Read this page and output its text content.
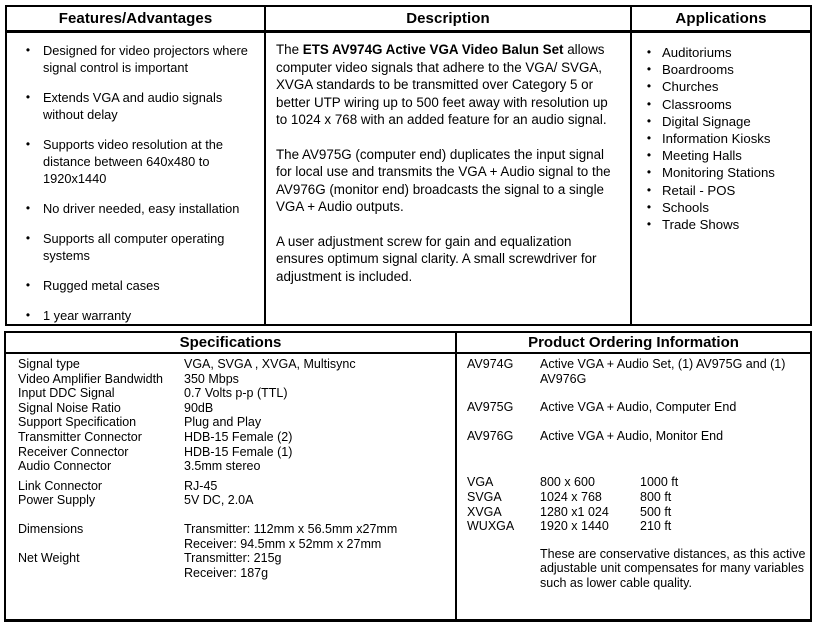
Features/Advantages
•	Designed for video projectors where signal control is important
•	Extends VGA and audio signals without delay
•	Supports video resolution at the distance between 640x480 to 1920x1440
•	No driver needed, easy installation
•	Supports all computer operating systems
•	Rugged metal cases
•	1 year warranty
Description

The ETS AV974G Active VGA Video Balun Set allows computer video signals that adhere to the VGA/ SVGA, XVGA standards to be transmitted over Category 5 or better UTP wiring up to 500 feet away with resolution up to 1024 x 768 with an added feature for an audio signal.

The AV975G (computer end) duplicates the input signal for local use and transmits the VGA + Audio signal to the AV976G (monitor end) broadcasts the signal to a single VGA + Audio outputs.

A user adjustment screw for gain and equalization ensures optimum signal clarity. A small screwdriver for adjustment is included.

Applications
• Auditoriums
• Boardrooms
• Churches
• Classrooms
• Digital Signage
• Information Kiosks
• Meeting Halls
• Monitoring Stations
• Retail - POS
• Schools
• Trade Shows
Specifications
Signal type	VGA, SVGA , XVGA, Multisync
Video Amplifier Bandwidth	350 Mbps
Input DDC Signal	0.7 Volts p-p (TTL)
Signal Noise Ratio	90dB
Support Specification	Plug and Play
Transmitter Connector	HDB-15 Female (2)
Receiver Connector	HDB-15 Female (1)
Audio Connector	3.5mm stereo
Link Connector	RJ-45
Power Supply	5V DC, 2.0A
Dimensions	Transmitter: 112mm x 56.5mm x27mm
Receiver: 94.5mm x 52mm x 27mm
Net Weight	Transmitter: 215g
Receiver: 187g
Product Ordering Information
AV974G	Active VGA + Audio Set, (1) AV975G and (1) AV976G
AV975G	Active VGA + Audio, Computer End
AV976G	Active VGA + Audio, Monitor End
VGA	800 x 600	1000 ft
SVGA	1024 x 768	800 ft
XVGA	1280 x1 024	500 ft
WUXGA	1920 x 1440	210 ft
These are conservative distances, as this active adjustable unit compensates for many variables such as lower cable quality.
